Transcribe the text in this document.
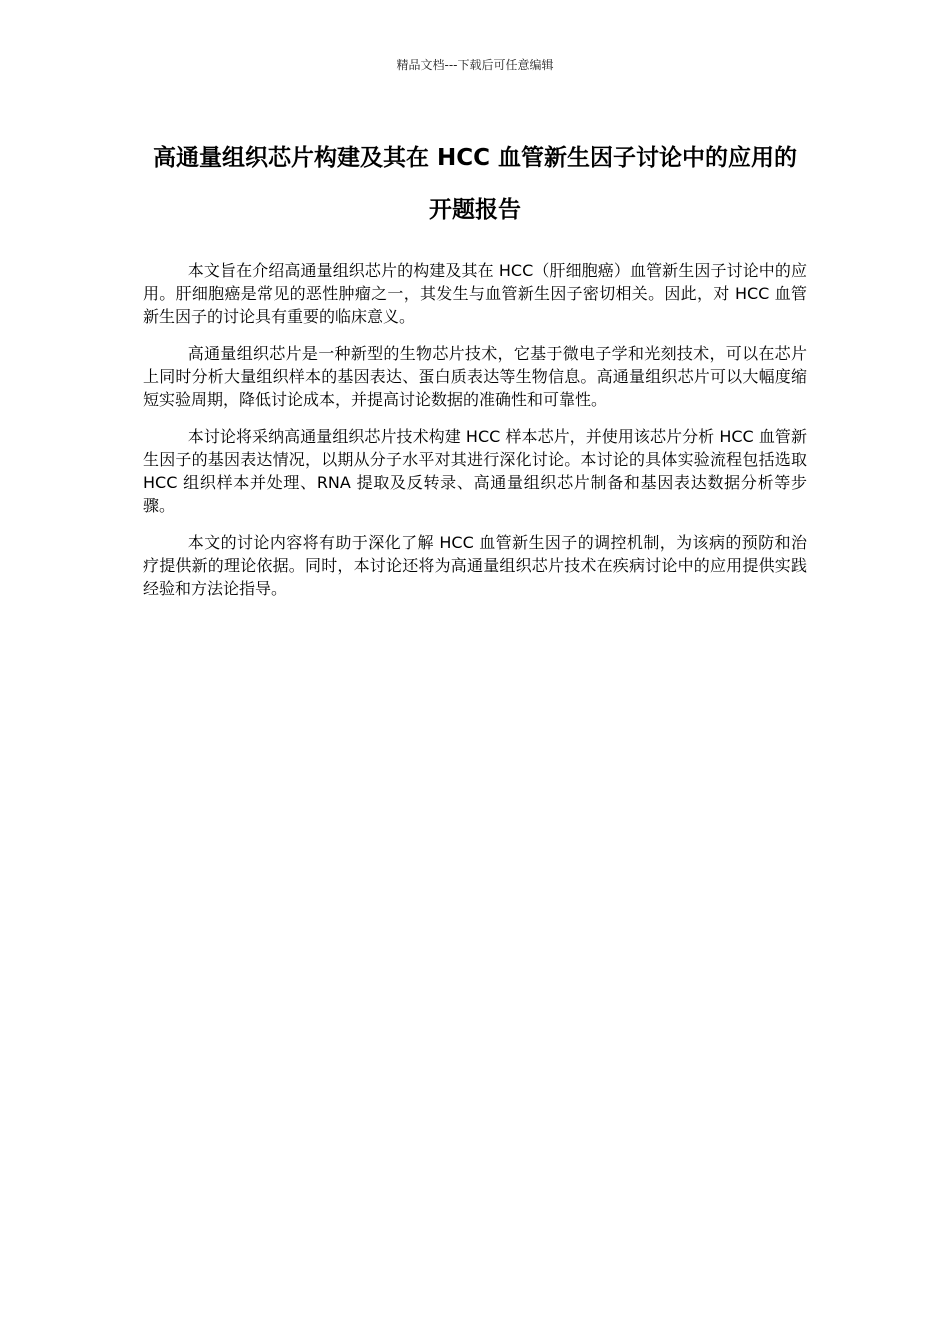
精品文档---下载后可任意编辑
高通量组织芯片构建及其在 HCC 血管新生因子讨论中的应用的开题报告

本文旨在介绍高通量组织芯片的构建及其在 HCC（肝细胞癌）血管新生因子讨论中的应用。肝细胞癌是常见的恶性肿瘤之一，其发生与血管新生因子密切相关。因此，对 HCC 血管新生因子的讨论具有重要的临床意义。

高通量组织芯片是一种新型的生物芯片技术，它基于微电子学和光刻技术，可以在芯片上同时分析大量组织样本的基因表达、蛋白质表达等生物信息。高通量组织芯片可以大幅度缩短实验周期，降低讨论成本，并提高讨论数据的准确性和可靠性。

本讨论将采纳高通量组织芯片技术构建 HCC 样本芯片，并使用该芯片分析 HCC 血管新生因子的基因表达情况，以期从分子水平对其进行深化讨论。本讨论的具体实验流程包括选取 HCC 组织样本并处理、RNA 提取及反转录、高通量组织芯片制备和基因表达数据分析等步骤。

本文的讨论内容将有助于深化了解 HCC 血管新生因子的调控机制，为该病的预防和治疗提供新的理论依据。同时，本讨论还将为高通量组织芯片技术在疾病讨论中的应用提供实践经验和方法论指导。
